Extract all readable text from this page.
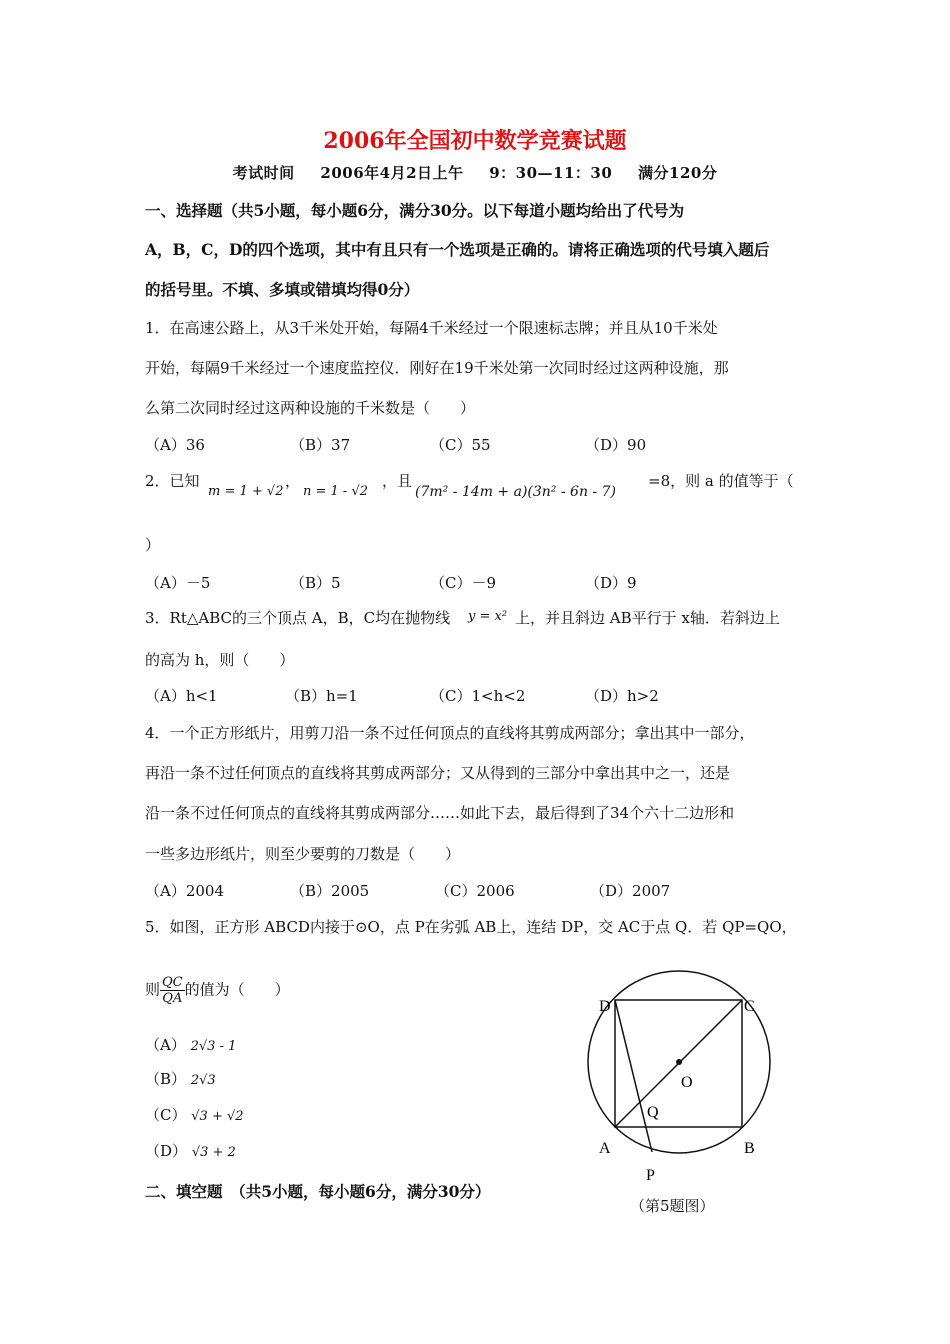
2006年全国初中数学竞赛试题
考试时间 2006年4月2日上午 9：30—11：30 满分120分
一、选择题（共5小题，每小题6分，满分30分。以下每道小题均给出了代号为
A，B，C，D的四个选项，其中有且只有一个选项是正确的。请将正确选项的代号填入题后
的括号里。不填、多填或错填均得0分）
1．在高速公路上，从3千米处开始，每隔4千米经过一个限速标志牌；并且从10千米处
开始，每隔9千米经过一个速度监控仪．刚好在19千米处第一次同时经过这两种设施，那
么第二次同时经过这两种设施的千米数是（　　）
（A）36	（B）37	（C）55	（D）90
2．已知
m = 1 + √2
，
n = 1 - √2
，且
(7m² - 14m + a)(3n² - 6n - 7)
=8，则 a 的值等于（
）
（A）－5	（B）5	（C）－9	（D）9
3．Rt△ABC的三个顶点 A，B，C均在抛物线 y = x² 上，并且斜边 AB平行于 x轴．若斜边上
的高为 h，则（　　）
（A）h<1	（B）h=1	（C）1<h<2	（D）h>2
4．一个正方形纸片，用剪刀沿一条不过任何顶点的直线将其剪成两部分；拿出其中一部分，
再沿一条不过任何顶点的直线将其剪成两部分；又从得到的三部分中拿出其中之一，还是
沿一条不过任何顶点的直线将其剪成两部分……如此下去，最后得到了34个六十二边形和
一些多边形纸片，则至少要剪的刀数是（　　）
（A）2004	（B）2005	（C）2006	（D）2007
5．如图，正方形 ABCD内接于⊙O，点 P在劣弧 AB上，连结 DP，交 AC于点 Q．若 QP=QO，
则 $\frac{QC}{QA}$ 的值为（　　）
（A） 2√3 - 1
（B） 2√3
（C） √3 + √2
（D） √3 + 2
D	C
O
Q
A	B
P
（第5题图）
二、填空题　（共5小题，每小题6分，满分30分）
